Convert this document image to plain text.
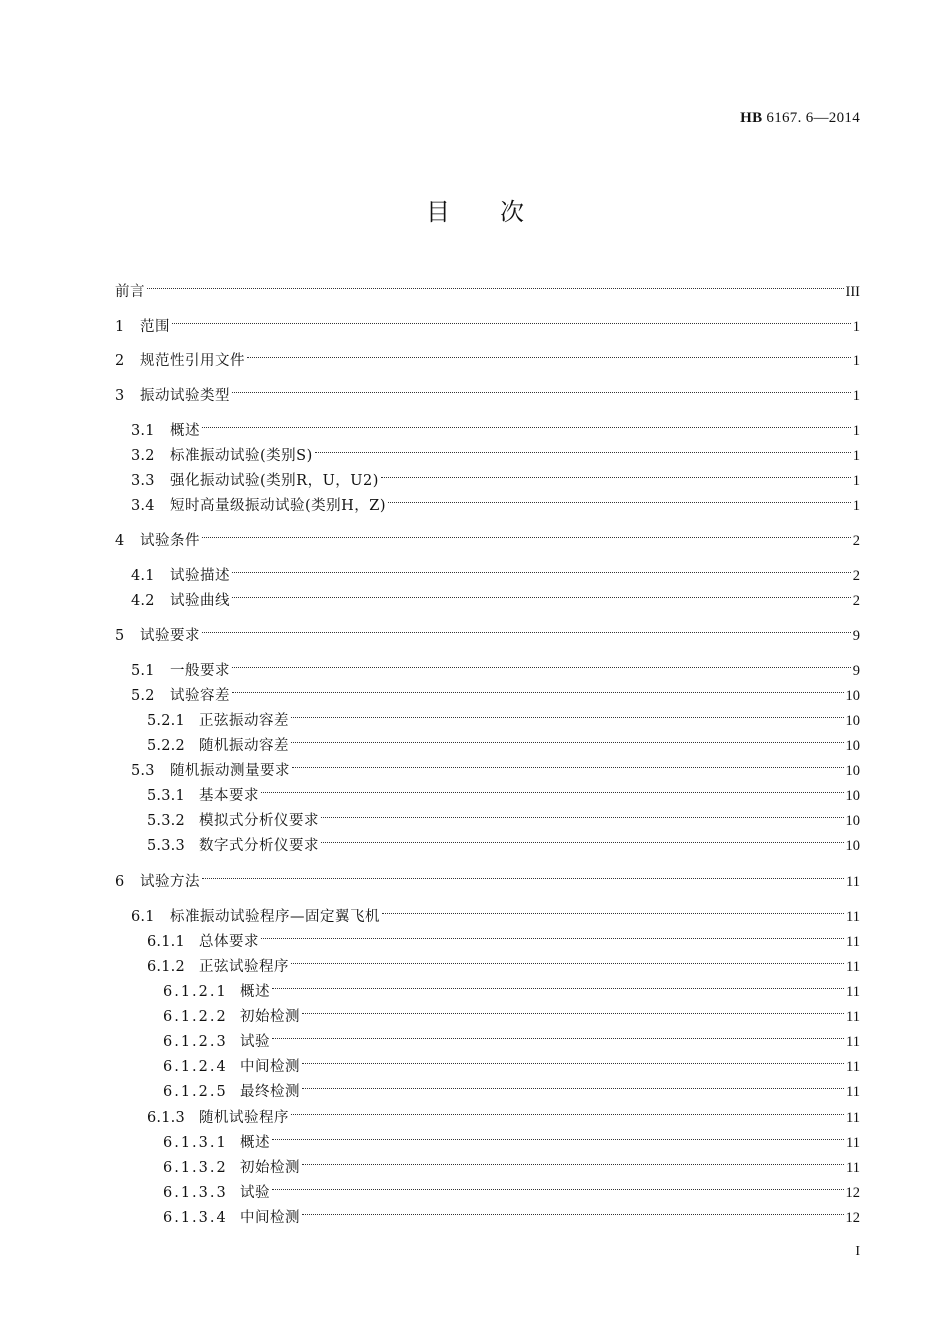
HB 6167. 6—2014
目次
前言	III
1	范围	1
2	规范性引用文件	1
3	振动试验类型	1
3.1	概述	1
3.2	标准振动试验(类别S)	1
3.3	强化振动试验(类别R，U，U2)	1
3.4	短时高量级振动试验(类别H，Z)	1
4	试验条件	2
4.1	试验描述	2
4.2	试验曲线	2
5	试验要求	9
5.1	一般要求	9
5.2	试验容差	10
5.2.1 正弦振动容差	10
5.2.2 随机振动容差	10
5.3	随机振动测量要求	10
5.3.1 基本要求	10
5.3.2 模拟式分析仪要求	10
5.3.3 数字式分析仪要求	10
6	试验方法	11
6.1	标准振动试验程序—固定翼飞机	11
6.1.1 总体要求	11
6.1.2 正弦试验程序	11
6.1.2.1 概述	11
6.1.2.2 初始检测	11
6.1.2.3 试验	11
6.1.2.4 中间检测	11
6.1.2.5 最终检测	11
6.1.3 随机试验程序	11
6.1.3.1 概述	11
6.1.3.2 初始检测	11
6.1.3.3 试验	12
6.1.3.4 中间检测	12
I
